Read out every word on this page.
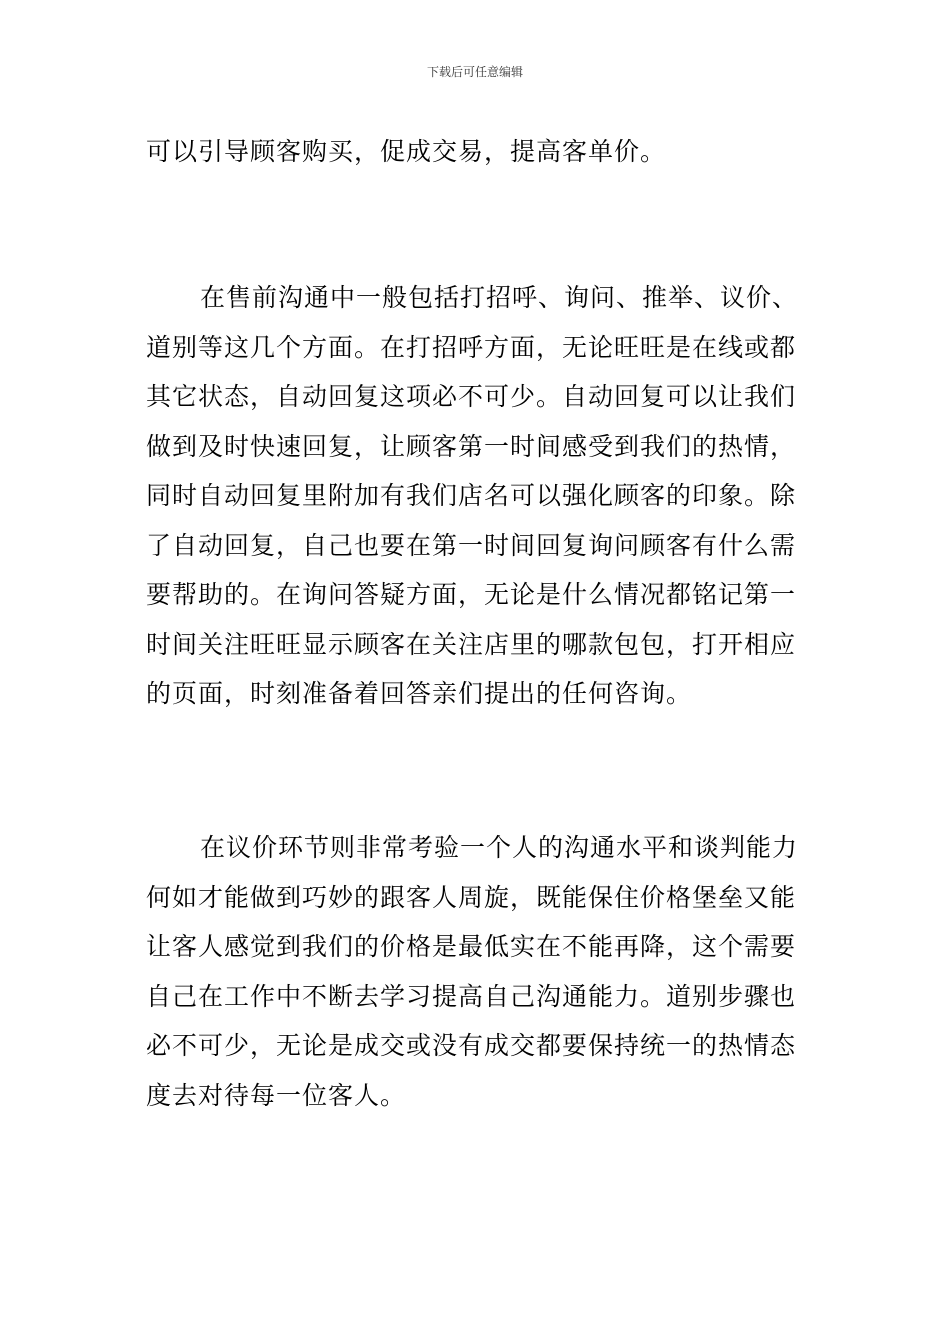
下载后可任意编辑
可以引导顾客购买，促成交易，提高客单价。
在售前沟通中一般包括打招呼、询问、推举、议价、
道别等这几个方面。在打招呼方面，无论旺旺是在线或都
其它状态，自动回复这项必不可少。自动回复可以让我们
做到及时快速回复，让顾客第一时间感受到我们的热情，
同时自动回复里附加有我们店名可以强化顾客的印象。除
了自动回复，自己也要在第一时间回复询问顾客有什么需
要帮助的。在询问答疑方面，无论是什么情况都铭记第一
时间关注旺旺显示顾客在关注店里的哪款包包，打开相应
的页面，时刻准备着回答亲们提出的任何咨询。
在议价环节则非常考验一个人的沟通水平和谈判能力
何如才能做到巧妙的跟客人周旋，既能保住价格堡垒又能
让客人感觉到我们的价格是最低实在不能再降，这个需要
自己在工作中不断去学习提高自己沟通能力。道别步骤也
必不可少，无论是成交或没有成交都要保持统一的热情态
度去对待每一位客人。
